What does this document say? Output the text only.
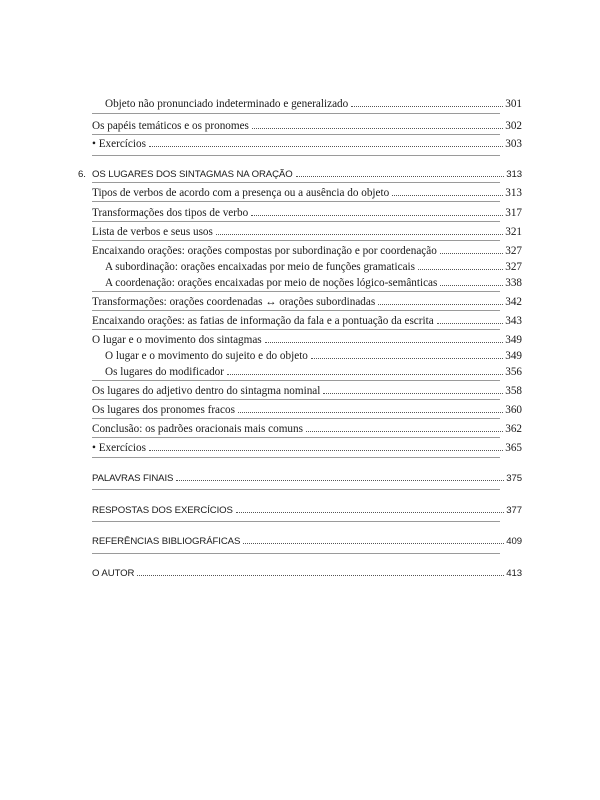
Objeto não pronunciado indeterminado e generalizado	301
Os papéis temáticos e os pronomes	302
• Exercícios	303
6. OS LUGARES DOS SINTAGMAS NA ORAÇÃO	313
Tipos de verbos de acordo com a presença ou a ausência do objeto	313
Transformações dos tipos de verbo	317
Lista de verbos e seus usos	321
Encaixando orações: orações compostas por subordinação e por coordenação	327
A subordinação: orações encaixadas por meio de funções gramaticais	327
A coordenação: orações encaixadas por meio de noções lógico-semânticas	338
Transformações: orações coordenadas ↔ orações subordinadas	342
Encaixando orações: as fatias de informação da fala e a pontuação da escrita	343
O lugar e o movimento dos sintagmas	349
O lugar e o movimento do sujeito e do objeto	349
Os lugares do modificador	356
Os lugares do adjetivo dentro do sintagma nominal	358
Os lugares dos pronomes fracos	360
Conclusão: os padrões oracionais mais comuns	362
• Exercícios	365
PALAVRAS FINAIS	375
RESPOSTAS DOS EXERCÍCIOS	377
REFERÊNCIAS BIBLIOGRÁFICAS	409
O AUTOR	413
